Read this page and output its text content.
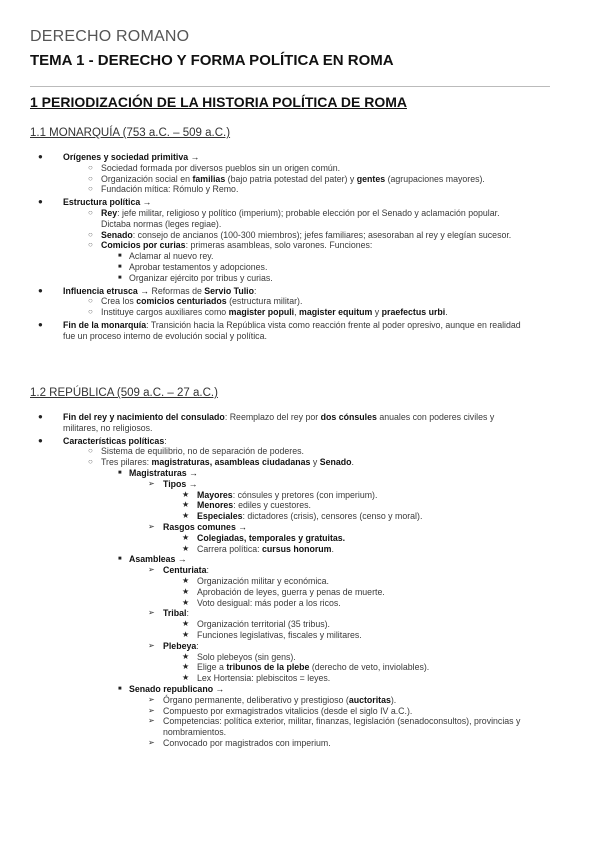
DERECHO ROMANO
TEMA 1 - DERECHO Y FORMA POLÍTICA EN ROMA
1 PERIODIZACIÓN DE LA HISTORIA POLÍTICA DE ROMA
1.1 MONARQUÍA (753 a.C. – 509 a.C.)
● Orígenes y sociedad primitiva →
○ Sociedad formada por diversos pueblos sin un origen común.
○ Organización social en familias (bajo patria potestad del pater) y gentes (agrupaciones mayores).
○ Fundación mítica: Rómulo y Remo.
● Estructura política →
○ Rey: jefe militar, religioso y político (imperium); probable elección por el Senado y aclamación popular. Dictaba normas (leges regiae).
○ Senado: consejo de ancianos (100-300 miembros); jefes familiares; asesoraban al rey y elegían sucesor.
○ Comicios por curias: primeras asambleas, solo varones. Funciones:
■ Aclamar al nuevo rey.
■ Aprobar testamentos y adopciones.
■ Organizar ejército por tribus y curias.
● Influencia etrusca → Reformas de Servio Tulio:
○ Crea los comicios centuriados (estructura militar).
○ Instituye cargos auxiliares como magister populi, magister equitum y praefectus urbi.
● Fin de la monarquía: Transición hacia la República vista como reacción frente al poder opresivo, aunque en realidad fue un proceso interno de evolución social y política.
1.2 REPÚBLICA (509 a.C. – 27 a.C.)
● Fin del rey y nacimiento del consulado: Reemplazo del rey por dos cónsules anuales con poderes civiles y militares, no religiosos.
● Características políticas:
○ Sistema de equilibrio, no de separación de poderes.
○ Tres pilares: magistraturas, asambleas ciudadanas y Senado.
■ Magistraturas →
➢ Tipos →
★ Mayores: cónsules y pretores (con imperium).
★ Menores: ediles y cuestores.
★ Especiales: dictadores (crisis), censores (censo y moral).
➢ Rasgos comunes →
★ Colegiadas, temporales y gratuitas.
★ Carrera política: cursus honorum.
■ Asambleas →
➢ Centuriata:
★ Organización militar y económica.
★ Aprobación de leyes, guerra y penas de muerte.
★ Voto desigual: más poder a los ricos.
➢ Tribal:
★ Organización territorial (35 tribus).
★ Funciones legislativas, fiscales y militares.
➢ Plebeya:
★ Solo plebeyos (sin gens).
★ Elige a tribunos de la plebe (derecho de veto, inviolables).
★ Lex Hortensia: plebiscitos = leyes.
■ Senado republicano →
➢ Órgano permanente, deliberativo y prestigioso (auctoritas).
➢ Compuesto por exmagistrados vitalicios (desde el siglo IV a.C.).
➢ Competencias: política exterior, militar, finanzas, legislación (senadoconsultos), provincias y nombramientos.
➢ Convocado por magistrados con imperium.
